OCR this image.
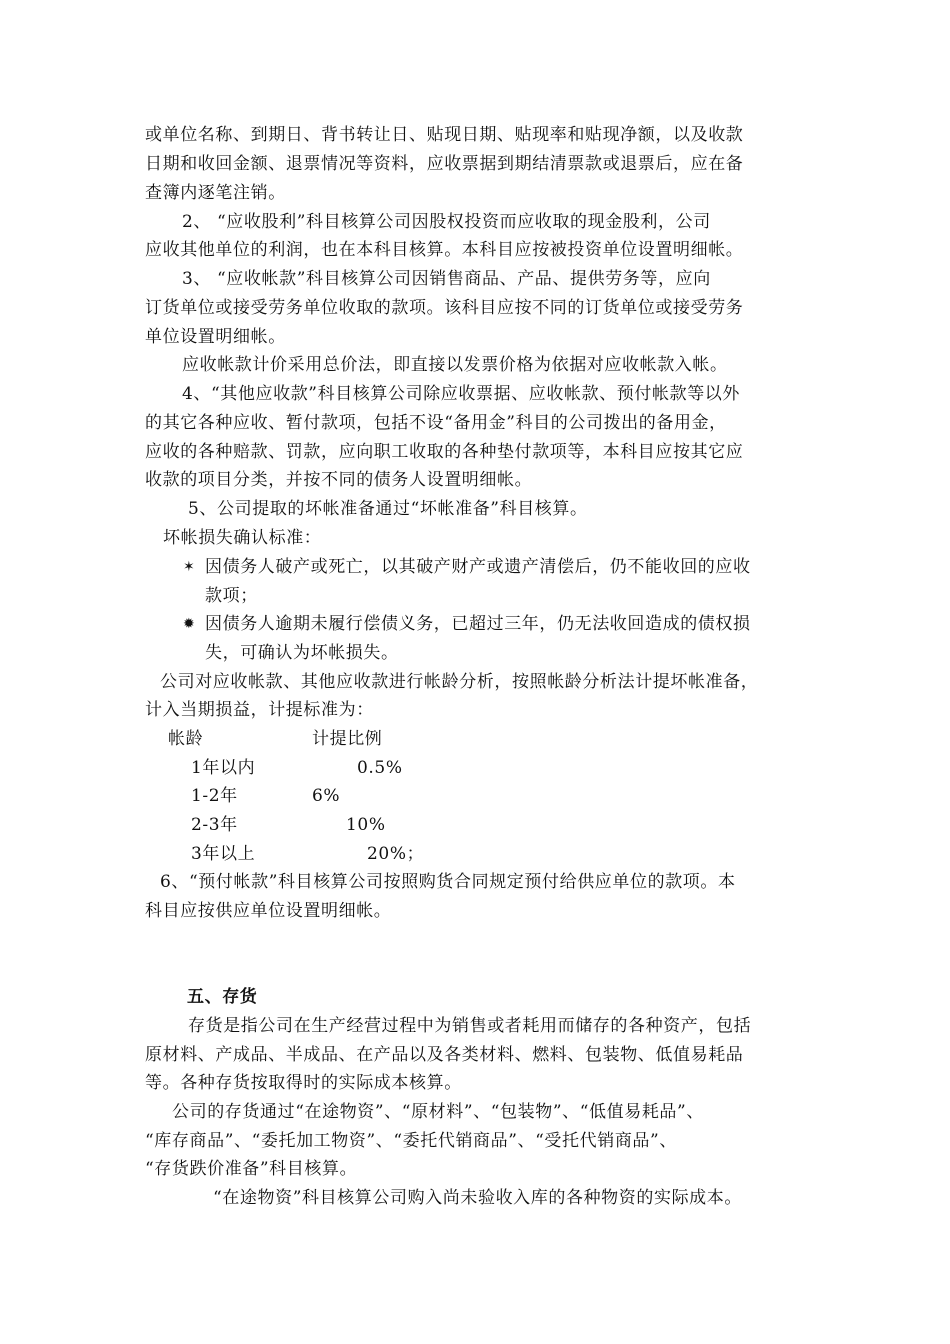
或单位名称、到期日、背书转让日、贴现日期、贴现率和贴现净额，以及收款
日期和收回金额、退票情况等资料，应收票据到期结清票款或退票后，应在备
查簿内逐笔注销。
2、 “应收股利”科目核算公司因股权投资而应收取的现金股利，公司
应收其他单位的利润，也在本科目核算。本科目应按被投资单位设置明细帐。
3、 “应收帐款”科目核算公司因销售商品、产品、提供劳务等，应向
订货单位或接受劳务单位收取的款项。该科目应按不同的订货单位或接受劳务
单位设置明细帐。
应收帐款计价采用总价法，即直接以发票价格为依据对应收帐款入帐。
4、“其他应收款”科目核算公司除应收票据、应收帐款、预付帐款等以外
的其它各种应收、暂付款项，包括不设“备用金”科目的公司拨出的备用金，
应收的各种赔款、罚款，应向职工收取的各种垫付款项等，本科目应按其它应
收款的项目分类，并按不同的债务人设置明细帐。
5、公司提取的坏帐准备通过“坏帐准备”科目核算。
坏帐损失确认标准：
✶ 因债务人破产或死亡，以其破产财产或遗产清偿后，仍不能收回的应收
款项；
✹ 因债务人逾期未履行偿债义务，已超过三年，仍无法收回造成的债权损
失，可确认为坏帐损失。
公司对应收帐款、其他应收款进行帐龄分析，按照帐龄分析法计提坏帐准备，
计入当期损益，计提标准为：
帐龄	计提比例
1年以内	0.5%
1-2年	6%
2-3年	10%
3年以上	20%；
6、“预付帐款”科目核算公司按照购货合同规定预付给供应单位的款项。本
科目应按供应单位设置明细帐。
五、存货
存货是指公司在生产经营过程中为销售或者耗用而储存的各种资产，包括
原材料、产成品、半成品、在产品以及各类材料、燃料、包装物、低值易耗品
等。各种存货按取得时的实际成本核算。
公司的存货通过“在途物资”、“原材料”、“包装物”、“低值易耗品”、
“库存商品”、“委托加工物资”、“委托代销商品”、“受托代销商品”、
“存货跌价准备”科目核算。
“在途物资”科目核算公司购入尚未验收入库的各种物资的实际成本。
